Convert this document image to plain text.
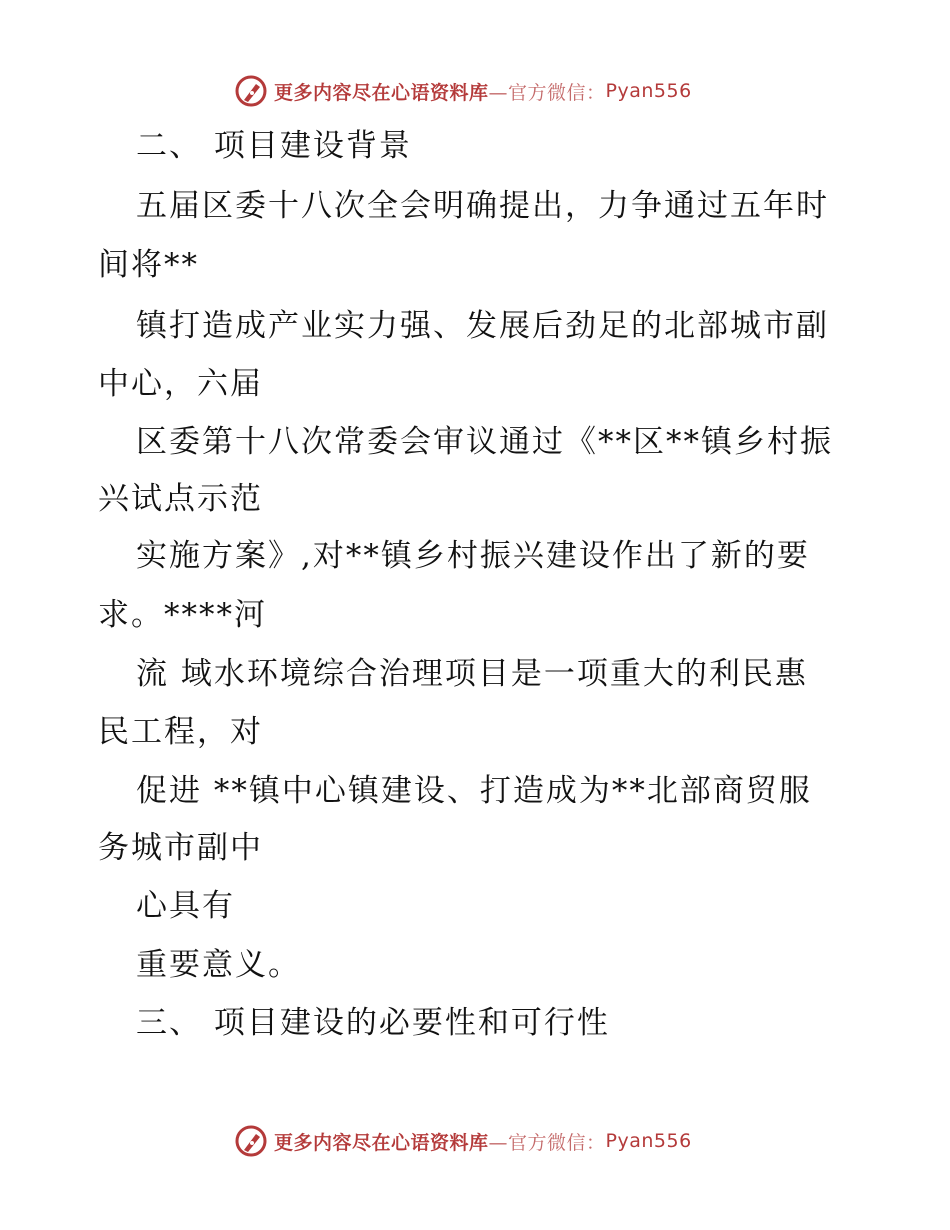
更多内容尽在心语资料库 —官方微信： Pyan556
二、 项目建设背景
五届区委十八次全会明确提出，力争通过五年时
间将**
镇打造成产业实力强、发展后劲足的北部城市副
中心，六届
区委第十八次常委会审议通过《**区**镇乡村振
兴试点示范
实施方案》,对**镇乡村振兴建设作出了新的要
求。****河
流 域水环境综合治理项目是一项重大的利民惠
民工程，对
促进 **镇中心镇建设、打造成为**北部商贸服
务城市副中
心具有
重要意义。
三、 项目建设的必要性和可行性
更多内容尽在心语资料库 —官方微信： Pyan556
